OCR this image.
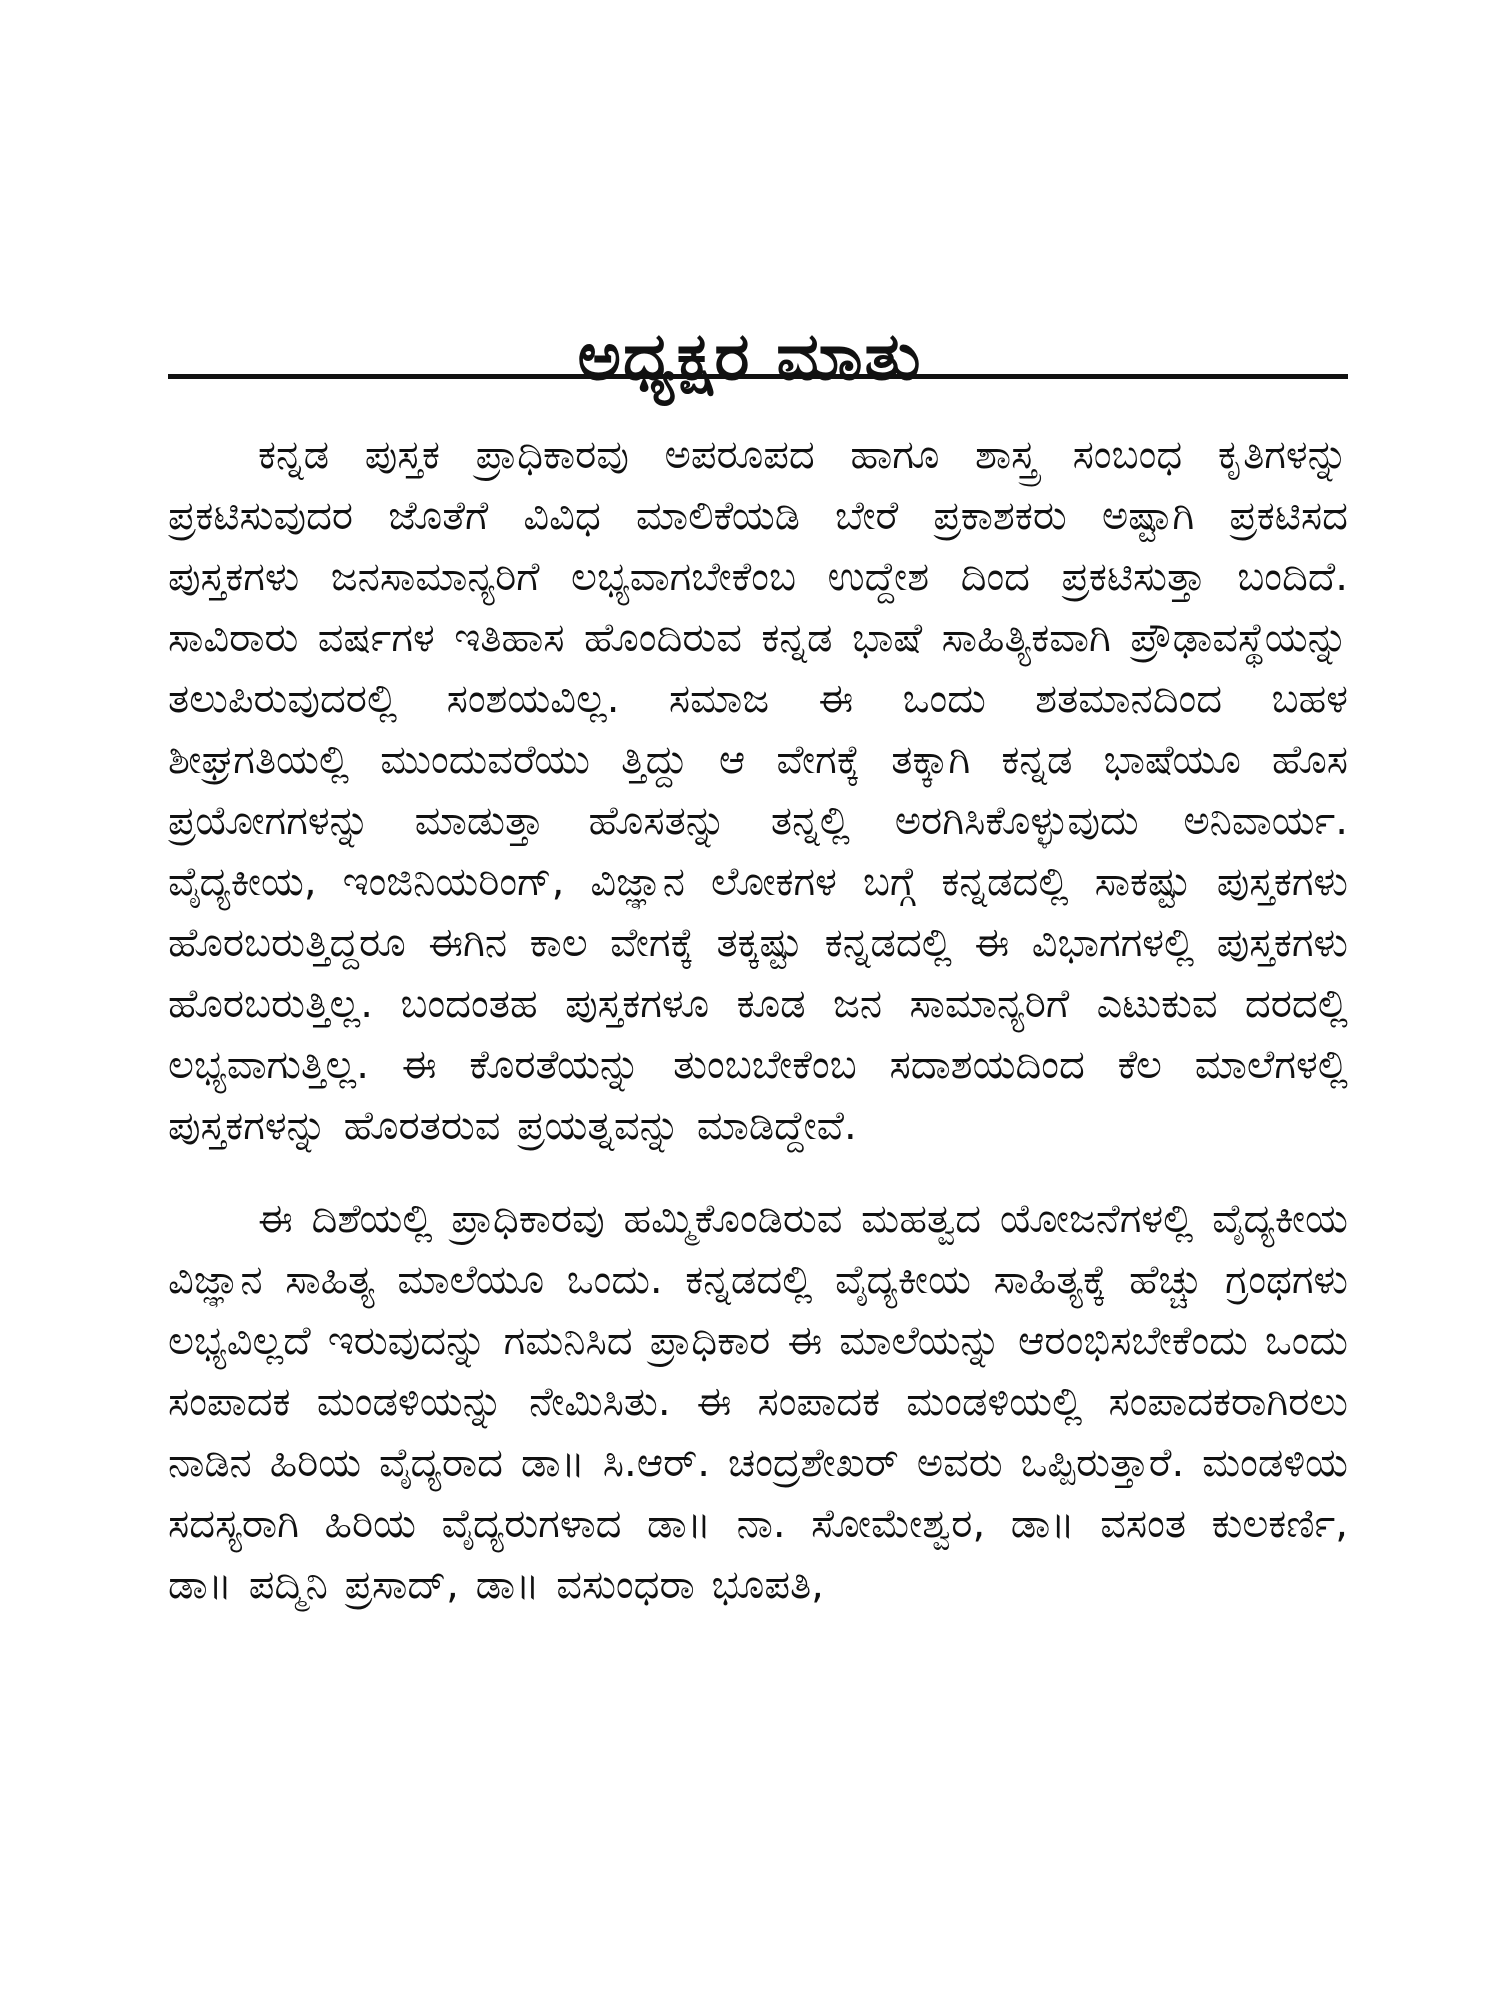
ಅಧ್ಯಕ್ಷರ ಮಾತು

ಕನ್ನಡ ಪುಸ್ತಕ ಪ್ರಾಧಿಕಾರವು ಅಪರೂಪದ ಹಾಗೂ ಶಾಸ್ತ್ರ ಸಂಬಂಧ ಕೃತಿಗಳನ್ನು ಪ್ರಕಟಿಸುವುದರ ಜೊತೆಗೆ ವಿವಿಧ ಮಾಲಿಕೆಯಡಿ ಬೇರೆ ಪ್ರಕಾಶಕರು ಅಷ್ಟಾಗಿ ಪ್ರಕಟಿಸದ ಪುಸ್ತಕಗಳು ಜನಸಾಮಾನ್ಯರಿಗೆ ಲಭ್ಯವಾಗಬೇಕೆಂಬ ಉದ್ದೇಶ ದಿಂದ ಪ್ರಕಟಿಸುತ್ತಾ ಬಂದಿದೆ. ಸಾವಿರಾರು ವರ್ಷಗಳ ಇತಿಹಾಸ ಹೊಂದಿರುವ ಕನ್ನಡ ಭಾಷೆ ಸಾಹಿತ್ಯಿಕವಾಗಿ ಪ್ರೌಢಾವಸ್ಥೆಯನ್ನು ತಲುಪಿರುವುದರಲ್ಲಿ ಸಂಶಯವಿಲ್ಲ. ಸಮಾಜ ಈ ಒಂದು ಶತಮಾನದಿಂದ ಬಹಳ ಶೀಘ್ರಗತಿಯಲ್ಲಿ ಮುಂದುವರೆಯು ತ್ತಿದ್ದು ಆ ವೇಗಕ್ಕೆ ತಕ್ಕಾಗಿ ಕನ್ನಡ ಭಾಷೆಯೂ ಹೊಸ ಪ್ರಯೋಗಗಳನ್ನು ಮಾಡುತ್ತಾ ಹೊಸತನ್ನು ತನ್ನಲ್ಲಿ ಅರಗಿಸಿಕೊಳ್ಳುವುದು ಅನಿವಾರ್ಯ. ವೈದ್ಯಕೀಯ, ಇಂಜಿನಿಯರಿಂಗ್, ವಿಜ್ಞಾನ ಲೋಕಗಳ ಬಗ್ಗೆ ಕನ್ನಡದಲ್ಲಿ ಸಾಕಷ್ಟು ಪುಸ್ತಕಗಳು ಹೊರಬರುತ್ತಿದ್ದರೂ ಈಗಿನ ಕಾಲ ವೇಗಕ್ಕೆ ತಕ್ಕಷ್ಟು ಕನ್ನಡದಲ್ಲಿ ಈ ವಿಭಾಗಗಳಲ್ಲಿ ಪುಸ್ತಕಗಳು ಹೊರಬರುತ್ತಿಲ್ಲ. ಬಂದಂತಹ ಪುಸ್ತಕಗಳೂ ಕೂಡ ಜನ ಸಾಮಾನ್ಯರಿಗೆ ಎಟುಕುವ ದರದಲ್ಲಿ ಲಭ್ಯವಾಗುತ್ತಿಲ್ಲ. ಈ ಕೊರತೆಯನ್ನು ತುಂಬಬೇಕೆಂಬ ಸದಾಶಯದಿಂದ ಕೆಲ ಮಾಲೆಗಳಲ್ಲಿ ಪುಸ್ತಕಗಳನ್ನು ಹೊರತರುವ ಪ್ರಯತ್ನವನ್ನು ಮಾಡಿದ್ದೇವೆ.

ಈ ದಿಶೆಯಲ್ಲಿ ಪ್ರಾಧಿಕಾರವು ಹಮ್ಮಿಕೊಂಡಿರುವ ಮಹತ್ವದ ಯೋಜನೆಗಳಲ್ಲಿ ವೈದ್ಯಕೀಯ ವಿಜ್ಞಾನ ಸಾಹಿತ್ಯ ಮಾಲೆಯೂ ಒಂದು. ಕನ್ನಡದಲ್ಲಿ ವೈದ್ಯಕೀಯ ಸಾಹಿತ್ಯಕ್ಕೆ ಹೆಚ್ಚು ಗ್ರಂಥಗಳು ಲಭ್ಯವಿಲ್ಲದೆ ಇರುವುದನ್ನು ಗಮನಿಸಿದ ಪ್ರಾಧಿಕಾರ ಈ ಮಾಲೆಯನ್ನು ಆರಂಭಿಸಬೇಕೆಂದು ಒಂದು ಸಂಪಾದಕ ಮಂಡಳಿಯನ್ನು ನೇಮಿಸಿತು. ಈ ಸಂಪಾದಕ ಮಂಡಳಿಯಲ್ಲಿ ಸಂಪಾದಕರಾಗಿರಲು ನಾಡಿನ ಹಿರಿಯ ವೈದ್ಯರಾದ ಡಾ॥ ಸಿ.ಆರ್. ಚಂದ್ರಶೇಖರ್ ಅವರು ಒಪ್ಪಿರುತ್ತಾರೆ. ಮಂಡಳಿಯ ಸದಸ್ಯರಾಗಿ ಹಿರಿಯ ವೈದ್ಯರುಗಳಾದ ಡಾ॥ ನಾ. ಸೋಮೇಶ್ವರ, ಡಾ॥ ವಸಂತ ಕುಲಕರ್ಣಿ, ಡಾ॥ ಪದ್ಮಿನಿ ಪ್ರಸಾದ್, ಡಾ॥ ವಸುಂಧರಾ ಭೂಪತಿ,
